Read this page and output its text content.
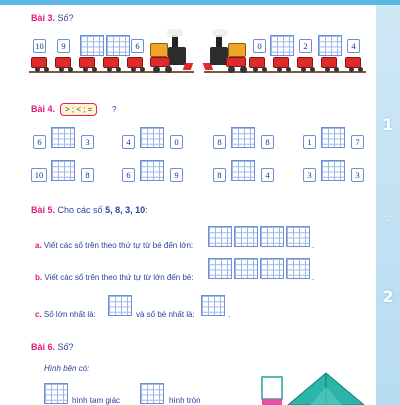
1
☆
2
Bài 3. Số?
10	9	6	0	2	4
Bài 4.	> ; < ; =	?
6	3	4	0	8	8	1	7
10	8	6	9	8	4	3	3
Bài 5. Cho các số 5, 8, 3, 10:
a. Viết các số trên theo thứ tự từ bé đến lớn:	.
b. Viết các số trên theo thứ tự từ lớn đến bé:	.
c. Số lớn nhất là:	và số bé nhất là:	.
Bài 6. Số?
Hình bên có:
hình tam giác	hình tròn
